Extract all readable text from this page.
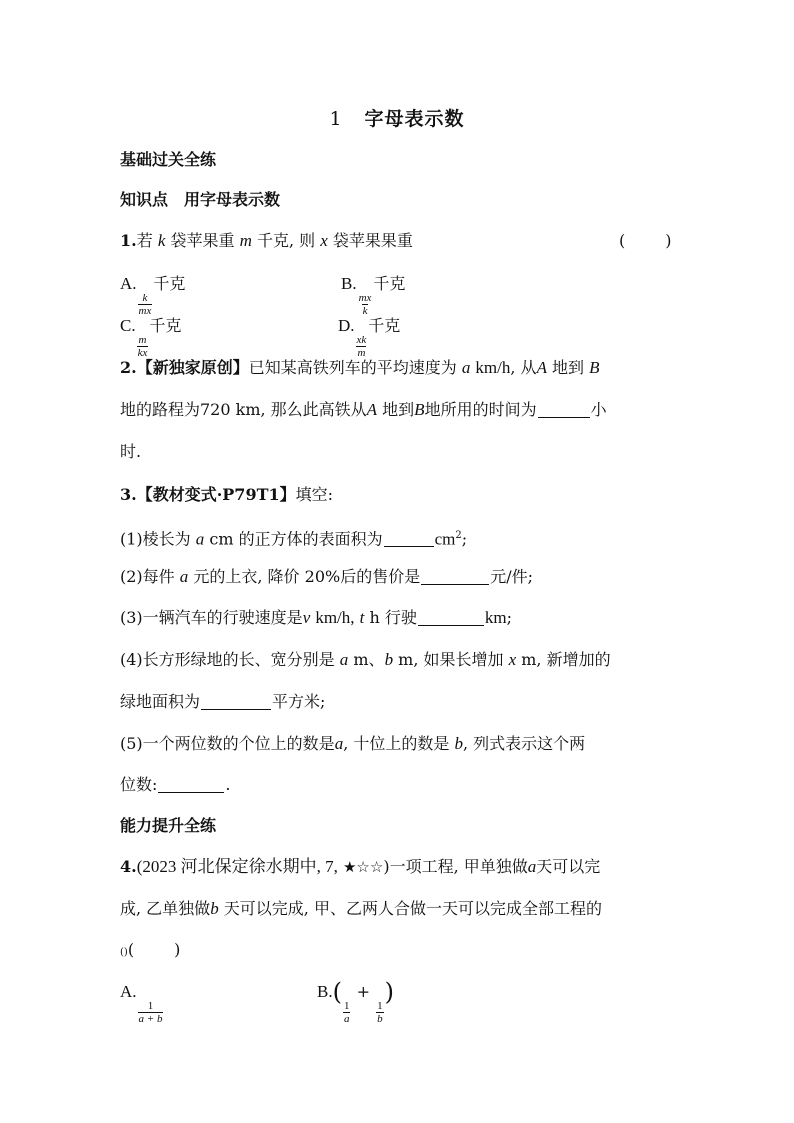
1 字母表示数
基础过关全练
知识点　用字母表示数
1.若 k 袋苹果重 m 千克, 则 x 袋苹果果重	(	)
A.
$\frac{k}{mx}$
千克	B.
$\frac{mx}{k}$
千克
C.
$\frac{m}{kx}$
千克	D.
$\frac{xk}{m}$
千克
2.【新独家原创】已知某高铁列车的平均速度为 a km/h, 从A 地到 B
地的路程为720 km, 那么此高铁从A 地到B地所用的时间为	小
时.
3.【教材变式·P79T1】填空:
(1)棱长为 a cm 的正方体的表面积为	$cm^2$;
(2)每件 a 元的上衣, 降价 20%后的售价是	元/件;
(3)一辆汽车的行驶速度是v km/h, t h 行驶	km;
(4)长方形绿地的长、宽分别是 a m、b m, 如果长增加 x m, 新增加的
绿地面积为	平方米;
(5)一个两位数的个位上的数是a, 十位上的数是 b, 列式表示这个两
位数:	.
能力提升全练
4.(2023 河北保定徐水期中, 7, ★☆☆)一项工程, 甲单独做a天可以完
成, 乙单独做b 天可以完成, 甲、乙两人合做一天可以完成全部工程的
()(	)
A.
$\frac{1}{a + b}$
B.(
$\frac{1}{a}$
+
$\frac{1}{b}$
)
